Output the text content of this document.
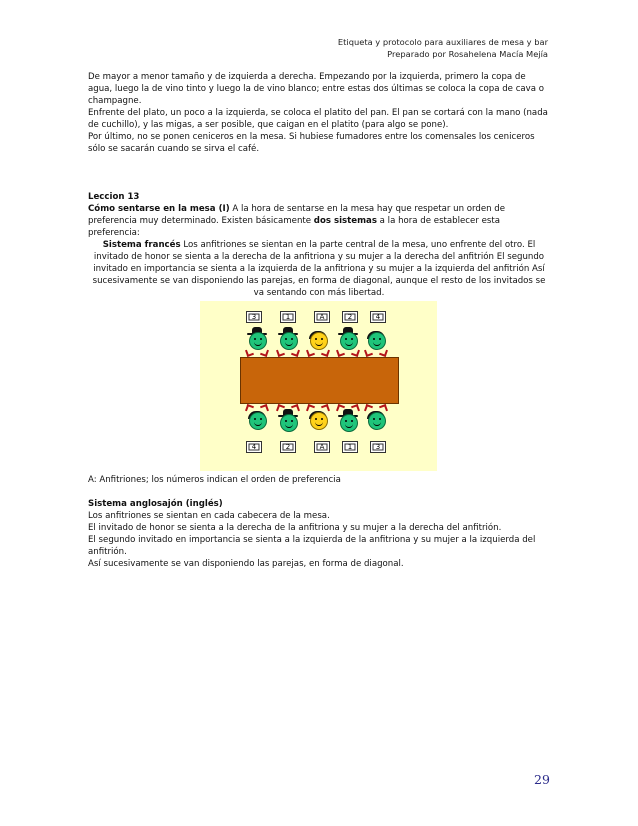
Etiqueta y protocolo para auxiliares de mesa y bar
Preparado por Rosahelena Macía Mejía

De mayor a menor tamaño y de izquierda a derecha. Empezando por la izquierda, primero la copa de agua, luego la de vino tinto y luego la de vino blanco; entre estas dos últimas se coloca la copa de cava o champagne.

Enfrente del plato, un poco a la izquierda, se coloca el platito del pan. El pan se cortará con la mano (nada de cuchillo), y las migas, a ser posible, que caigan en el platito (para algo se pone).

Por último, no se ponen ceniceros en la mesa. Si hubiese fumadores entre los comensales los ceniceros sólo se sacarán cuando se sirva el café.

Leccion 13

Cómo sentarse en la mesa (I) A la hora de sentarse en la mesa hay que respetar un orden de preferencia muy determinado. Existen básicamente dos sistemas a la hora de establecer esta preferencia:

Sistema francés Los anfitriones se sientan en la parte central de la mesa, uno enfrente del otro. El invitado de honor se sienta a la derecha de la anfitriona y su mujer a la derecha del anfitrión El segundo invitado en importancia se sienta a la izquierda de la anfitriona y su mujer a la izquierda del anfitrión Así sucesivamente se van disponiendo las parejas, en forma de diagonal, aunque el resto de los invitados se va sentando con más libertad.

3	1	A	2	4
4	2	A	1	3

A: Anfitriones; los números indican el orden de preferencia

Sistema anglosajón (inglés)

Los anfitriones se sientan en cada cabecera de la mesa.

El invitado de honor se sienta a la derecha de la anfitriona y su mujer a la derecha del anfitrión.

El segundo invitado en importancia se sienta a la izquierda de la anfitriona y su mujer a la izquierda del anfitrión.

Así sucesivamente se van disponiendo las parejas, en forma de diagonal.

29
